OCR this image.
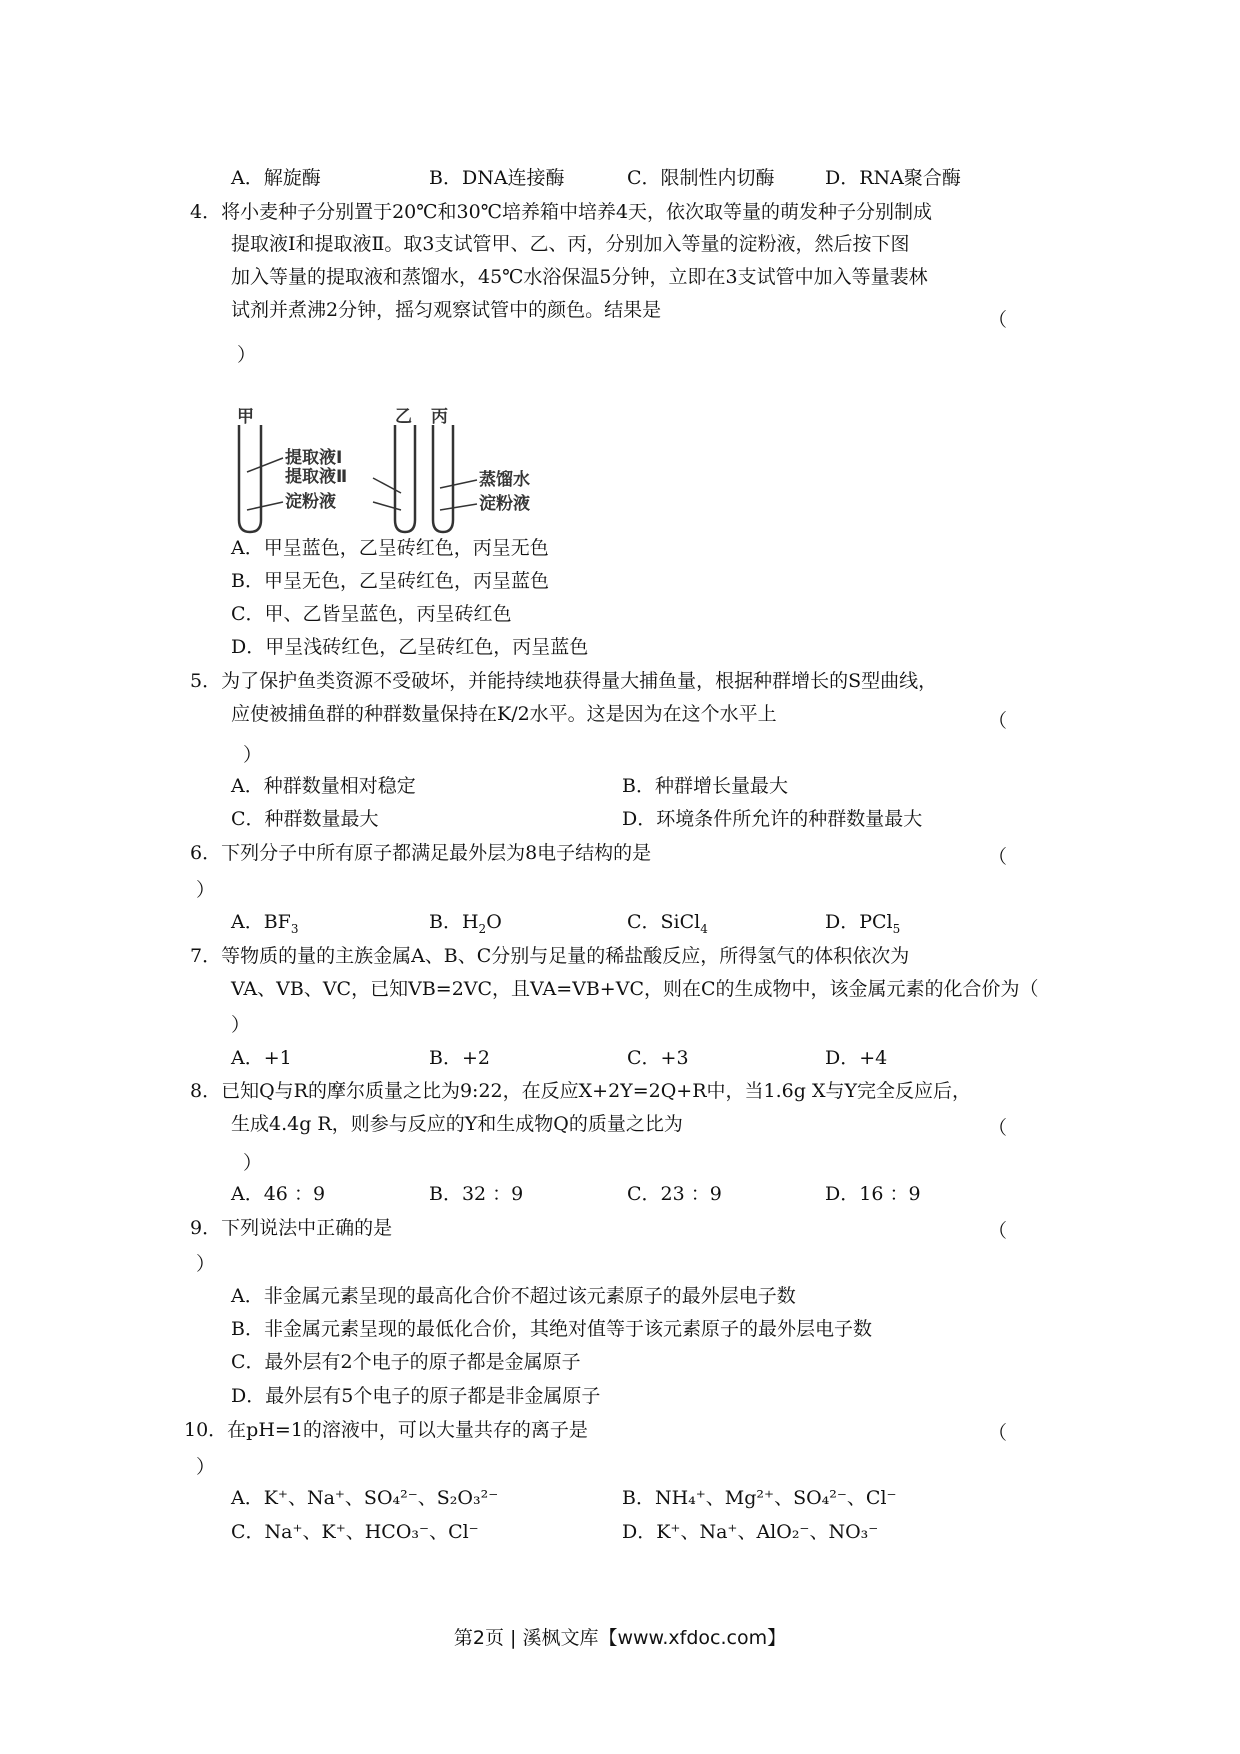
A．解旋酶	B．DNA连接酶	C．限制性内切酶	D．RNA聚合酶
4．将小麦种子分别置于20℃和30℃培养箱中培养4天，依次取等量的萌发种子分别制成
提取液Ⅰ和提取液Ⅱ。取3支试管甲、乙、丙，分别加入等量的淀粉液，然后按下图
加入等量的提取液和蒸馏水，45℃水浴保温5分钟，立即在3支试管中加入等量裴林
试剂并煮沸2分钟，摇匀观察试管中的颜色。结果是	（
）
甲	乙 丙
提取液Ⅰ
提取液Ⅱ
淀粉液
蒸馏水
淀粉液
A．甲呈蓝色，乙呈砖红色，丙呈无色
B．甲呈无色，乙呈砖红色，丙呈蓝色
C．甲、乙皆呈蓝色，丙呈砖红色
D．甲呈浅砖红色，乙呈砖红色，丙呈蓝色
5．为了保护鱼类资源不受破坏，并能持续地获得量大捕鱼量，根据种群增长的S型曲线，
应使被捕鱼群的种群数量保持在K/2水平。这是因为在这个水平上	（
）
A．种群数量相对稳定	B．种群增长量最大
C．种群数量最大	D．环境条件所允许的种群数量最大
6．下列分子中所有原子都满足最外层为8电子结构的是	（
）
A．$BF_3$	B．$H_2O$	C．SiCl$_4$	D．PCl$_5$
7．等物质的量的主族金属A、B、C分别与足量的稀盐酸反应，所得氢气的体积依次为
VA、VB、VC，已知VB=2VC，且VA=VB+VC，则在C的生成物中，该金属元素的化合价为（
）
A．+1	B．+2	C．+3	D．+4
8．已知Q与R的摩尔质量之比为9:22，在反应X+2Y=2Q+R中，当1.6g X与Y完全反应后，
生成4.4g R，则参与反应的Y和生成物Q的质量之比为	（
）
A．46 ：9	B．32 ：9	C．23 ：9	D．16 ：9
9．下列说法中正确的是	（
）
A．非金属元素呈现的最高化合价不超过该元素原子的最外层电子数
B．非金属元素呈现的最低化合价，其绝对值等于该元素原子的最外层电子数
C．最外层有2个电子的原子都是金属原子
D．最外层有5个电子的原子都是非金属原子
10．在pH=1的溶液中，可以大量共存的离子是	（
）
A．K⁺、Na⁺、SO₄²⁻、S₂O₃²⁻	B．NH₄⁺、Mg²⁺、SO₄²⁻、Cl⁻
C．Na⁺、K⁺、HCO₃⁻、Cl⁻	D．K⁺、Na⁺、AlO₂⁻、NO₃⁻
第2页 | 溪枫文库【www.xfdoc.com】
